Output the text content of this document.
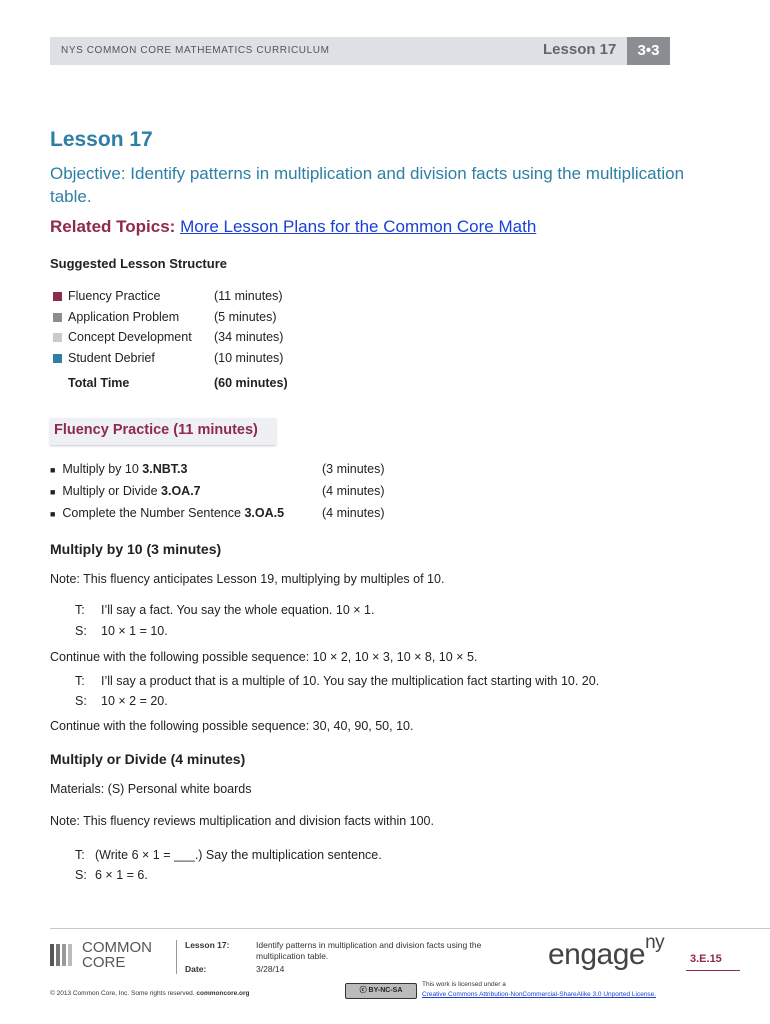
NYS COMMON CORE MATHEMATICS CURRICULUM	Lesson 17	3•3
Lesson 17
Objective: Identify patterns in multiplication and division facts using the multiplication table.
Related Topics: More Lesson Plans for the Common Core Math
Suggested Lesson Structure
Fluency Practice	(11 minutes)
Application Problem	(5 minutes)
Concept Development (34 minutes)
Student Debrief	(10 minutes)
Total Time	(60 minutes)
Fluency Practice (11 minutes)
■ Multiply by 10 3.NBT.3	(3 minutes)
■ Multiply or Divide 3.OA.7	(4 minutes)
■ Complete the Number Sentence 3.OA.5	(4 minutes)
Multiply by 10 (3 minutes)
Note: This fluency anticipates Lesson 19, multiplying by multiples of 10.
T: I’ll say a fact. You say the whole equation. 10 × 1.
S: 10 × 1 = 10.
Continue with the following possible sequence: 10 × 2, 10 × 3, 10 × 8, 10 × 5.
T: I’ll say a product that is a multiple of 10. You say the multiplication fact starting with 10. 20.
S: 10 × 2 = 20.
Continue with the following possible sequence: 30, 40, 90, 50, 10.
Multiply or Divide (4 minutes)
Materials: (S) Personal white boards
Note: This fluency reviews multiplication and division facts within 100.
T: (Write 6 × 1 = ___.) Say the multiplication sentence.
S: 6 × 1 = 6.
COMMON
CORE
Lesson 17:	Identify patterns in multiplication and division facts using the multiplication table.
Date:	3/28/14	engage$^{ny}$
3.E.15
© 2013 Common Core, Inc. Some rights reserved. commoncore.org	ⓒ BY-NC-SA
This work is licensed under a
Creative Commons Attribution-NonCommercial-ShareAlike 3.0 Unported License.
